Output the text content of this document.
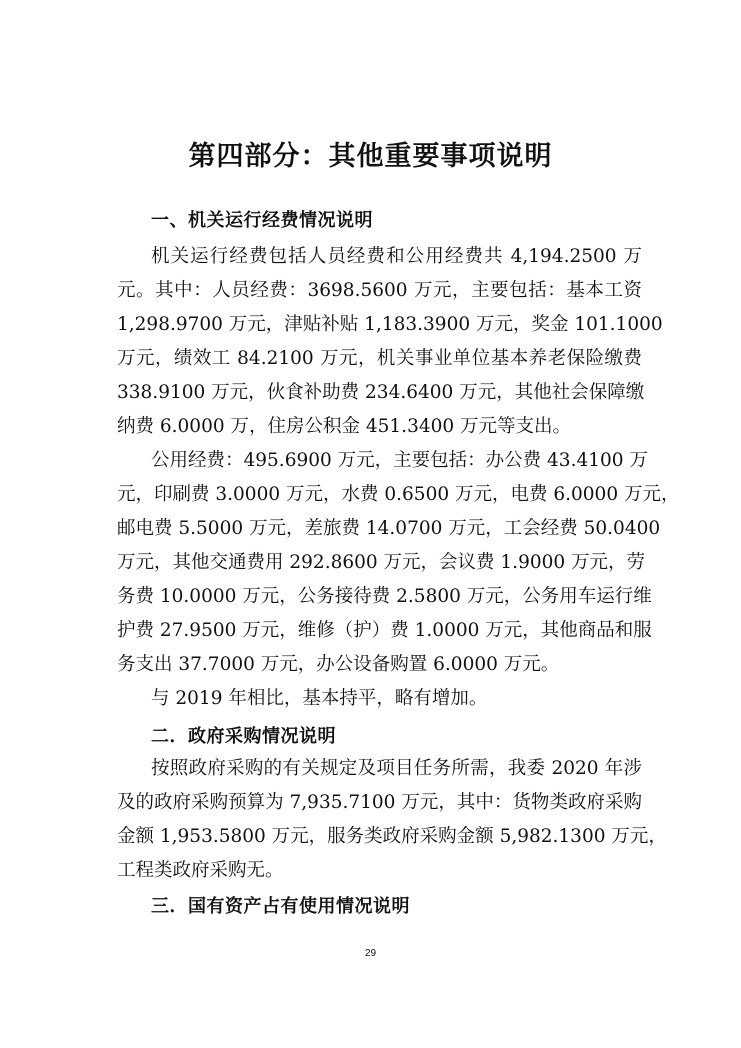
第四部分：其他重要事项说明
一、机关运行经费情况说明

机关运行经费包括人员经费和公用经费共 4,194.2500 万

元。其中：人员经费：3698.5600 万元，主要包括：基本工资

1,298.9700 万元，津贴补贴 1,183.3900 万元，奖金 101.1000

万元，绩效工 84.2100 万元，机关事业单位基本养老保险缴费

338.9100 万元，伙食补助费 234.6400 万元，其他社会保障缴

纳费 6.0000 万，住房公积金 451.3400 万元等支出。

公用经费：495.6900 万元，主要包括：办公费 43.4100 万

元，印刷费 3.0000 万元，水费 0.6500 万元，电费 6.0000 万元，

邮电费 5.5000 万元，差旅费 14.0700 万元，工会经费 50.0400

万元，其他交通费用 292.8600 万元，会议费 1.9000 万元，劳

务费 10.0000 万元，公务接待费 2.5800 万元，公务用车运行维

护费 27.9500 万元，维修（护）费 1.0000 万元，其他商品和服

务支出 37.7000 万元，办公设备购置 6.0000 万元。

与 2019 年相比，基本持平，略有增加。

二．政府采购情况说明

按照政府采购的有关规定及项目任务所需，我委 2020 年涉

及的政府采购预算为 7,935.7100 万元，其中：货物类政府采购

金额 1,953.5800 万元，服务类政府采购金额 5,982.1300 万元，

工程类政府采购无。

三．国有资产占有使用情况说明
29
